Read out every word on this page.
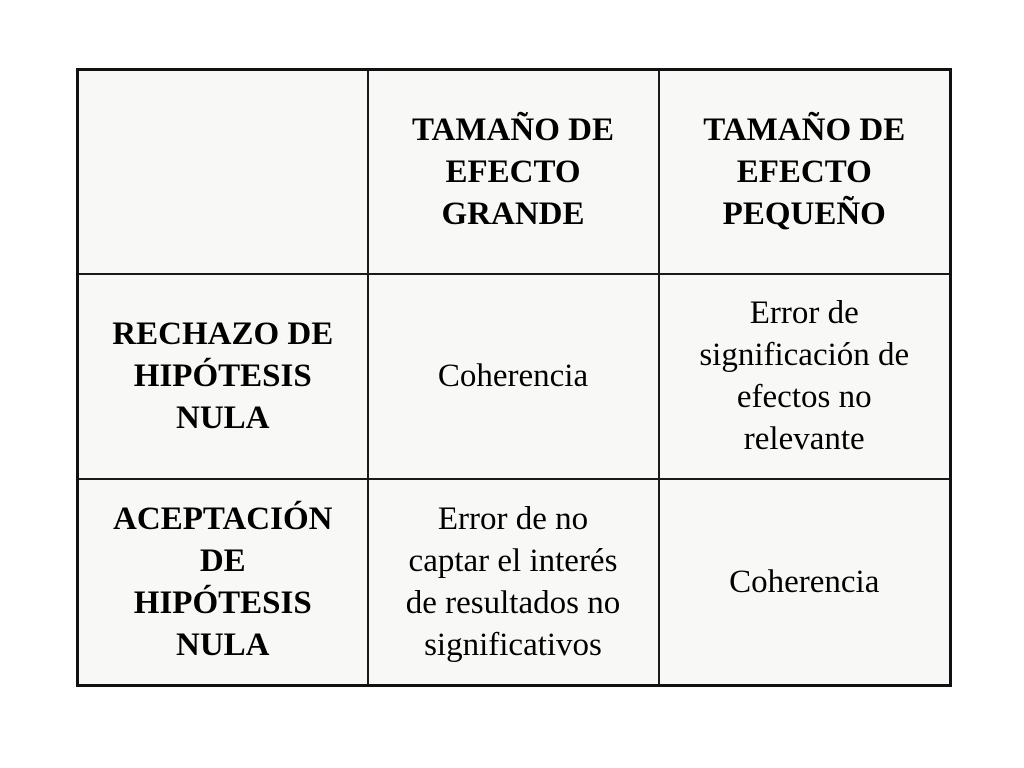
	TAMAÑO DE
EFECTO
GRANDE	TAMAÑO DE
EFECTO
PEQUEÑO

RECHAZO DE
HIPÓTESIS
NULA	Coherencia	Error de
significación de
efectos no
relevante

ACEPTACIÓN
DE
HIPÓTESIS
NULA	Error de no
captar el interés
de resultados no
significativos	Coherencia
